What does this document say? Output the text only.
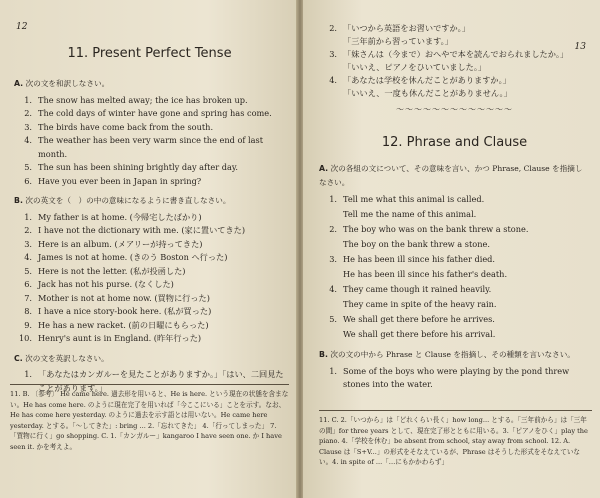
12
11. Present Perfect Tense
A. 次の文を和訳しなさい。
1. The snow has melted away; the ice has broken up.
2. The cold days of winter have gone and spring has come.
3. The birds have come back from the south.
4. The weather has been very warm since the end of last month.
5. The sun has been shining brightly day after day.
6. Have you ever been in Japan in spring?
B. 次の英文を（　）の中の意味になるように書き直しなさい。
1. My father is at home. (今帰宅したばかり)
2. I have not the dictionary with me. (家に置いてきた)
3. Here is an album. (メアリーが持ってきた)
4. James is not at home. (きのう Boston へ行った)
5. Here is not the letter. (私が投函した)
6. Jack has not his purse. (なくした)
7. Mother is not at home now. (買物に行った)
8. I have a nice story-book here. (私が買った)
9. He has a new racket. (前の日曜にもらった)
10. Henry's aunt is in England. (昨年行った)
C. 次の文を英訳しなさい。
1. 「あなたはカンガルーを見たことがありますか。」「はい、二回見たことがあります。」
11. B. 〔参考〕 He came here. 過去形を用いると、He is here. という現在の状態を含まない。He has come here. のように現在完了を用いれば「今ここにいる」ことを示す。なお、He has come here yesterday. のように過去を示す語とは用いない。He came here yesterday. とする。「〜してきた」: bring ... 2.「忘れてきた」 4.「行ってしまった」 7.「買物に行く」go shopping. C. 1.「カンガルー」kangaroo I have seen one. か I have seen it. かを考えよ。
13
2. 「いつから英語をお習いですか。」
「三年前から習っています。」
3. 「妹さんは（今まで）おへやで本を読んでおられましたか。」
「いいえ、ピアノをひいていました。」
4. 「あなたは学校を休んだことがありますか。」
「いいえ、一度も休んだことがありません。」
〜〜〜〜〜〜〜〜〜〜〜〜〜
12. Phrase and Clause
A. 次の各組の文について、その意味を言い、かつ Phrase, Clause を指摘しなさい。
1. Tell me what this animal is called.
Tell me the name of this animal.
2. The boy who was on the bank threw a stone.
The boy on the bank threw a stone.
3. He has been ill since his father died.
He has been ill since his father's death.
4. They came though it rained heavily.
They came in spite of the heavy rain.
5. We shall get there before he arrives.
We shall get there before his arrival.
B. 次の文の中から Phrase と Clause を指摘し、その種類を言いなさい。
1. Some of the boys who were playing by the pond threw stones into the water.
11. C. 2.「いつから」は「どれくらい長く」how long... とする。「三年前から」は「三年の間」for three years として、現在完了形とともに用いる。3.「ピアノをひく」play the piano. 4.「学校を休む」be absent from school, stay away from school. 12. A. Clause は「S+V...」の形式をそなえているが、Phrase はそうした形式をそなえていない。4. in spite of ...「…にもかかわらず」
